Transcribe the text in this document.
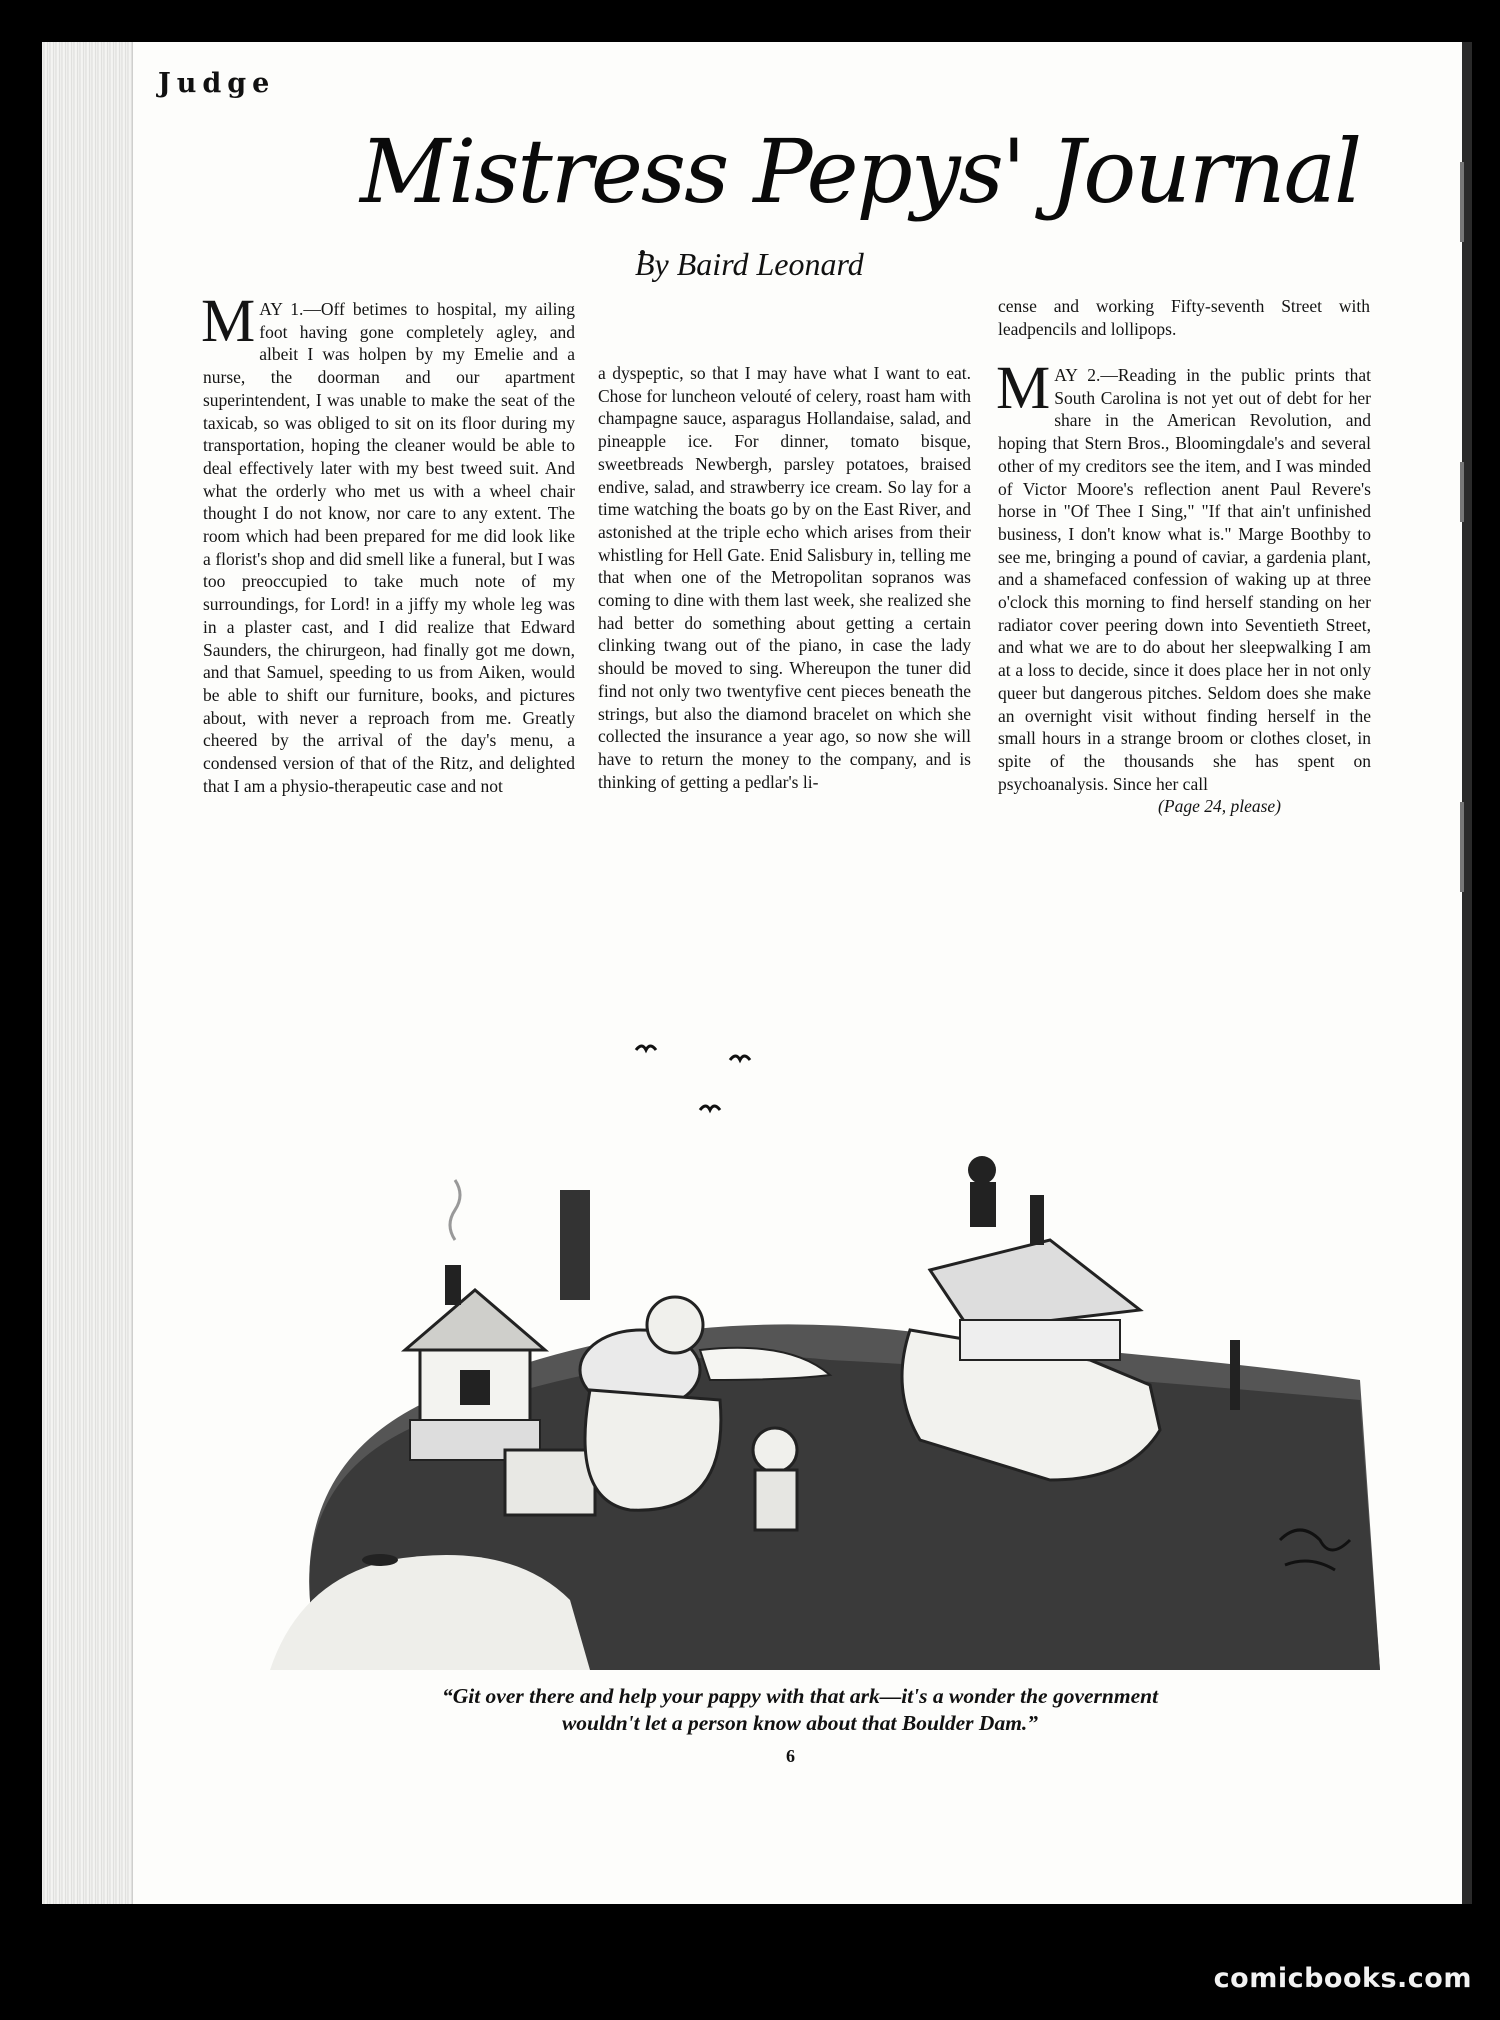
Judge
Mistress Pepys' Journal
By Baird Leonard

MAY 1.—Off betimes to hospital, my ailing foot having gone completely agley, and albeit I was holpen by my Emelie and a nurse, the doorman and our apartment superintendent, I was unable to make the seat of the taxicab, so was obliged to sit on its floor during my transportation, hoping the cleaner would be able to deal effectively later with my best tweed suit. And what the orderly who met us with a wheel chair thought I do not know, nor care to any extent. The room which had been prepared for me did look like a florist's shop and did smell like a funeral, but I was too preoccupied to take much note of my surroundings, for Lord! in a jiffy my whole leg was in a plaster cast, and I did realize that Edward Saunders, the chirurgeon, had finally got me down, and that Samuel, speeding to us from Aiken, would be able to shift our furniture, books, and pictures about, with never a reproach from me. Greatly cheered by the arrival of the day's menu, a condensed version of that of the Ritz, and delighted that I am a physio-therapeutic case and not

a dyspeptic, so that I may have what I want to eat. Chose for luncheon velouté of celery, roast ham with champagne sauce, asparagus Hollandaise, salad, and pineapple ice. For dinner, tomato bisque, sweetbreads Newbergh, parsley potatoes, braised endive, salad, and strawberry ice cream. So lay for a time watching the boats go by on the East River, and astonished at the triple echo which arises from their whistling for Hell Gate. Enid Salisbury in, telling me that when one of the Metropolitan sopranos was coming to dine with them last week, she realized she had better do something about getting a certain clinking twang out of the piano, in case the lady should be moved to sing. Whereupon the tuner did find not only two twentyfive cent pieces beneath the strings, but also the diamond bracelet on which she collected the insurance a year ago, so now she will have to return the money to the company, and is thinking of getting a pedlar's li-

cense and working Fifty-seventh Street with leadpencils and lollipops.

MAY 2.—Reading in the public prints that South Carolina is not yet out of debt for her share in the American Revolution, and hoping that Stern Bros., Bloomingdale's and several other of my creditors see the item, and I was minded of Victor Moore's reflection anent Paul Revere's horse in "Of Thee I Sing," "If that ain't unfinished business, I don't know what is." Marge Boothby to see me, bringing a pound of caviar, a gardenia plant, and a shamefaced confession of waking up at three o'clock this morning to find herself standing on her radiator cover peering down into Seventieth Street, and what we are to do about her sleepwalking I am at a loss to decide, since it does place her in not only queer but dangerous pitches. Seldom does she make an overnight visit without finding herself in the small hours in a strange broom or clothes closet, in spite of the thousands she has spent on psychoanalysis. Since her call

(Page 24, please)

“Git over there and help your pappy with that ark—it's a wonder the government
wouldn't let a person know about that Boulder Dam.”
6
comicbooks.com
